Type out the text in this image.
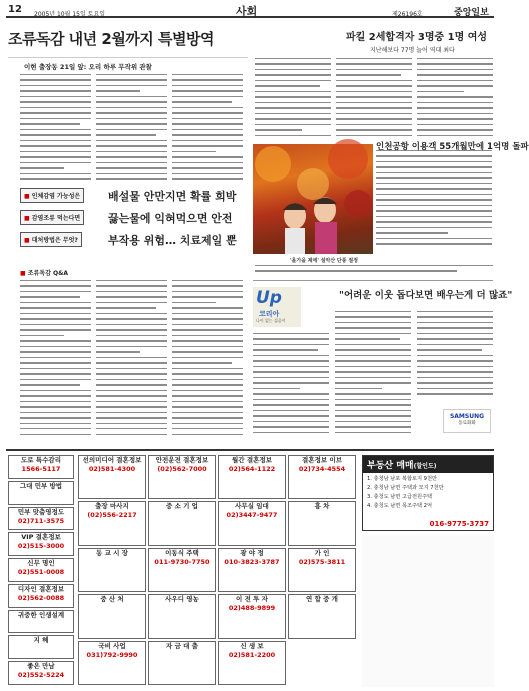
12 2005년 10월 15일 토요일	사회	제26196호	중앙일보
조류독감 내년 2월까지 특별방역
이현 출장동 21일 앞: 오리 하루 무작위 관찰
'올가을 제에' 설악산 단풍 절정
■ 인체감염 가능성은
■ 감염조류 먹는다면
■ 대처방법은 무엇?
배설물 안만지면 확률 희박
끓는물에 익혀먹으면 안전
부작용 위험… 치료제일 뿐
■ 조류독감 Q&A
파킬 2세합격자 3명중 1명 여성
지난해보다 77명 늘어 역대 최다
인천공항 이용객 55개월만에 1억명 돌파
Up
코리아
나이 없는 젊음이
"어려운 이웃 돕다보면 배우는게 더 많죠"
SAMSUNG
동료화화
도로 특수감리
1566-5117
그대 민부 방법
민부 맞춤영정도
02)711-3575
VIP 결혼정보
02)515-3000
신무 명인
02)551-0008
디자인 결혼정보
02)562-0088
귀중한 인생설계
지 혜
좋은 만남
02)552-5224
선의미디어 결혼정보
02)581-4300
안전운전 결혼정보
(02)562-7000
월간 결혼정보
02)564-1122
결혼정보 이브
02)734-4554
출장 마사지
(02)556-2217
중 소 기 업	사무실 임대
02)3447-9477
흥 차
동 교 시 장	이동식 주택
011-9730-7750
광 야 정
010-3823-3787
가 인
02)575-3811
중 산 처	사우디 영농	이 전 투 자
02)488-9899
연 합 중 개
국비 사업
031)792-9990
자 금 대 출	신 생 보
02)581-2200
부동산 매매(할인도)
1. 충청남 남포 복합토지 9천만
2. 충청남 남면 주택과 모지 7천만
3. 충청도 남면 고급전원주택
4. 충청도 남면 목조주택 2억
016-9775-3737
